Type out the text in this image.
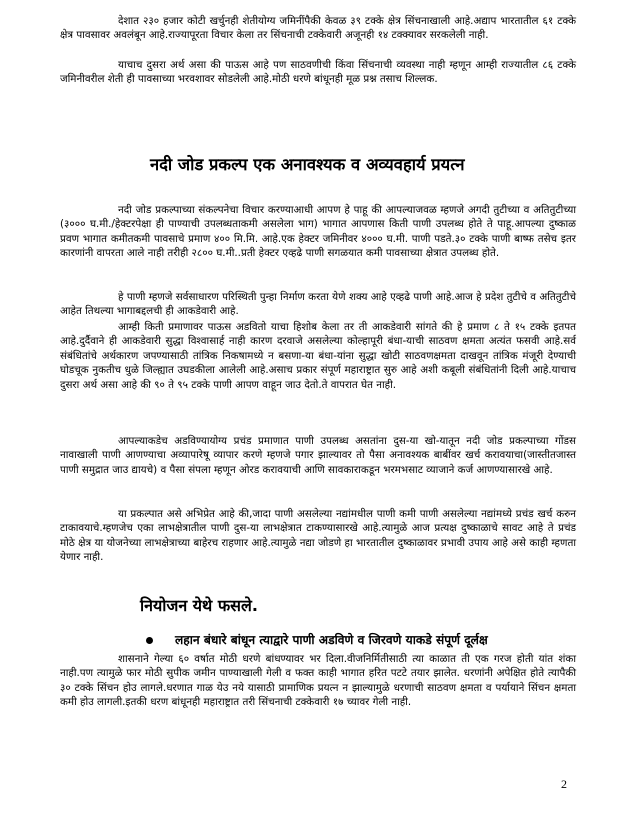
देशात २३० हजार कोटी खर्चुनही शेतीयोग्य जमिनींपैकी केवळ ३९ टक्के क्षेत्र सिंचनाखाली आहे.अद्याप भारतातील ६१ टक्के क्षेत्र पावसावर अवलंबून आहे.राज्यापूरता विचार केला तर सिंचनाची टक्केवारी अजूनही १४ टक्क्यावर सरकलेली नाही.

याचाच दुसरा अर्थ असा की पाऊस आहे पण साठवणीची किंवा सिंचनाची व्यवस्था नाही म्हणून आम्ही राज्यातील ८६ टक्के जमिनीवरील शेती ही पावसाच्या भरवशावर सोडलेली आहे.मोठी धरणे बांधूनही मूळ प्रश्न तसाच शिल्लक.

नदी जोड प्रकल्प एक अनावश्यक व अव्यवहार्य प्रयत्न

नदी जोड प्रकल्पाच्या संकल्पनेचा विचार करण्याआधी आपण हे पाहू की आपल्याजवळ म्हणजे अगदी तुटीच्या व अतितुटीच्या (३००० घ.मी./हेक्टरपेक्षा ही पाण्याची उपलब्धताकमी असलेला भाग) भागात आपणास किती पाणी उपलब्ध होते ते पाहू.आपल्या दुष्काळ प्रवण भागात कमीतकमी पावसाचे प्रमाण ४०० मि.मि. आहे.एक हेक्टर जमिनीवर ४००० घ.मी. पाणी पडते.३० टक्के पाणी बाष्फ तसेच इतर कारणांनी वापरता आले नाही तरीही २८०० घ.मी..प्रती हेक्टर एव्हढे पाणी सगळयात कमी पावसाच्या क्षेत्रात उपलब्ध होते.

हे पाणी म्हणजे सर्वसाधारण परिस्थिती पुन्हा निर्माण करता येणे शक्य आहे एव्हढे पाणी आहे.आज हे प्रदेश तुटीचे व अतितुटीचे आहेत तिथल्या भागाबद्दलची ही आकडेवारी आहे.

आम्ही किती प्रमाणावर पाऊस अडवितो याचा हिशोब केला तर ती आकडेवारी सांगते की हे प्रमाण ८ ते १५ टक्के इतपत आहे.दुर्दैवाने ही आकडेवारी सुद्धा विश्वासार्ह नाही कारण दरवाजे असलेल्या कोल्हापूरी बंधा-याची साठवण क्षमता अत्यंत फसवी आहे.सर्व संबंधितांचे अर्थकारण जपण्यासाठी तांत्रिक निकषामध्ये न बसणा-या बंधा-यांना सुद्धा खोटी साठवणक्षमता दाखवून तांत्रिक मंजूरी देण्याची घोडचूक नुकतीच धुळे जिल्ह्यात उघडकीला आलेली आहे.असाच प्रकार संपूर्ण महाराष्ट्रात सुरु आहे अशी कबूली संबंधितांनी दिली आहे.याचाच दुसरा अर्थ असा आहे की ९० ते ९५ टक्के पाणी आपण वाहून जाउ देतो.ते वापरात घेत नाही.

आपल्याकडेच अडविण्यायोग्य प्रचंड प्रमाणात पाणी उपलब्ध असतांना दुस-या खो-यातून नदी जोड प्रकल्पाच्या गोंडस नावाखाली पाणी आणण्याचा अव्यापारेषू व्यापार करणे म्हणजे पगार झाल्यावर तो पैसा अनावश्यक बाबींवर खर्च करावयाचा(जास्तीतजास्त पाणी समुद्रात जाउ द्यायचे) व पैसा संपला म्हणून ओरड करावयाची आणि सावकाराकडून भरमभसाट व्याजाने कर्ज आणण्यासारखे आहे.

या प्रकल्पात असे अभिप्रेत आहे की,जादा पाणी असलेल्या नद्यांमधील पाणी कमी पाणी असलेल्या नद्यांमध्ये प्रचंड खर्च करुन टाकावयाचे.म्हणजेच एका लाभक्षेत्रातील पाणी दुस-या लाभक्षेत्रात टाकण्यासारखे आहे.त्यामुळे आज प्रत्यक्ष दुष्काळाचे सावट आहे ते प्रचंड मोठे क्षेत्र या योजनेच्या लाभक्षेत्राच्या बाहेरच राहणार आहे.त्यामुळे नद्या जोडणे हा भारतातील दुष्काळावर प्रभावी उपाय आहे असे काही म्हणता येणार नाही.

नियोजन येथे फसले.
लहान बंधारे बांधून त्याद्वारे पाणी अडविणे व जिरवणे याकडे संपूर्ण दूर्लक्ष

शासनाने गेल्या ६० वर्षात मोठी धरणे बांधण्यावर भर दिला.वीजनिर्मितीसाठी त्या काळात ती एक गरज होती यांत शंका नाही.पण त्यामुळे फार मोठी सुपीक जमीन पाण्याखाली गेली व फक्त काही भागात हरित पटटे तयार झालेत. धरणांनी अपेक्षित होते त्यापैकी ३० टक्के सिंचन होउ लागले.धरणात गाळ येउ नये यासाठी प्रामाणिक प्रयत्न न झाल्यामुळे धरणाची साठवण क्षमता व पर्यायाने सिंचन क्षमता कमी होउ लागली.इतकी धरण बांधूनही महाराष्ट्रात तरी सिंचनाची टक्केवारी १७ च्यावर गेली नाही.

2
